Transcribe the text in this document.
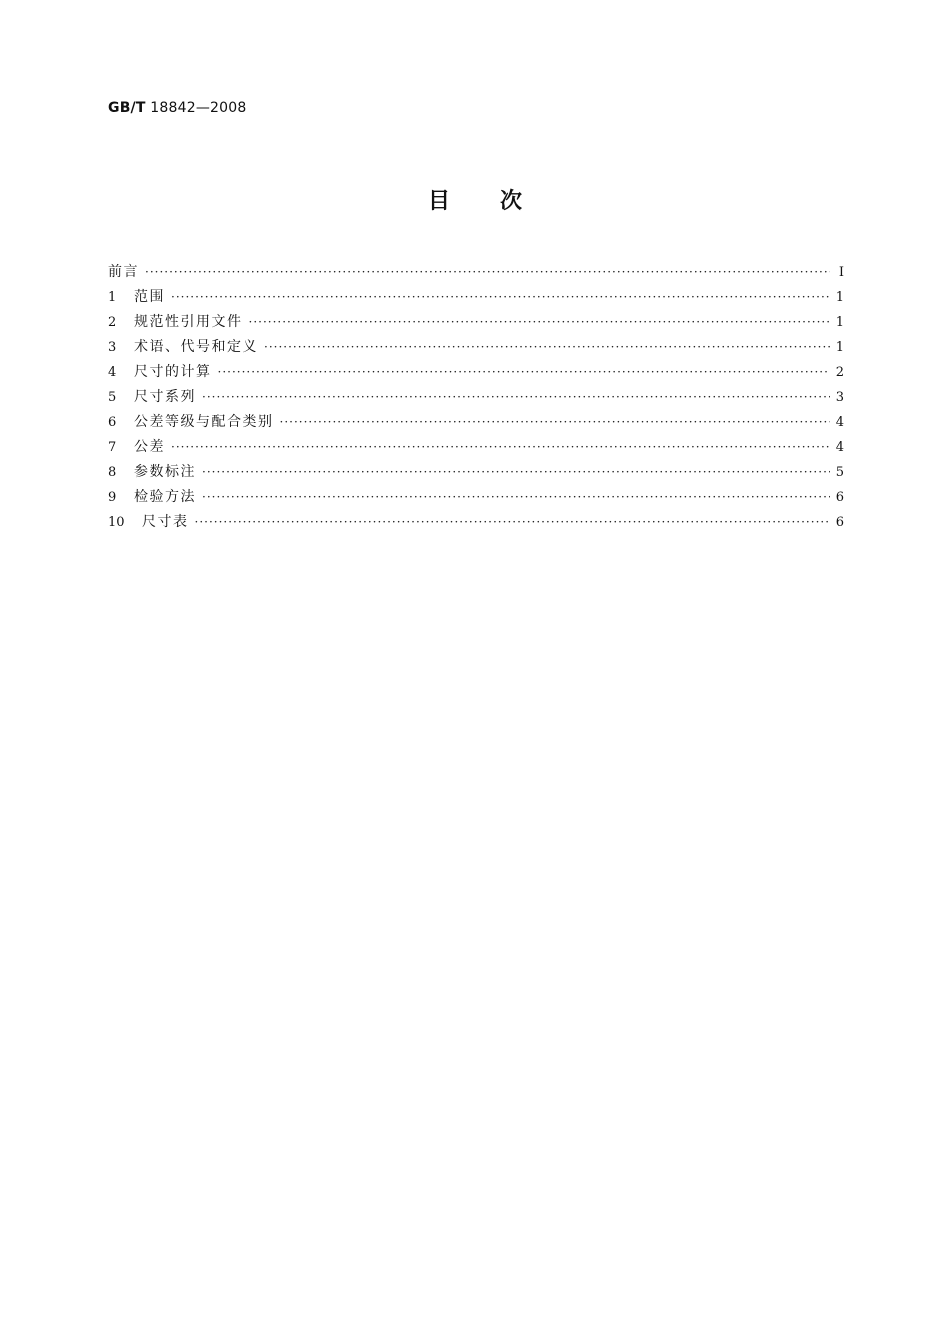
GB/T 18842—2008
目次
前言 ·····	I
1	范围 ·····	1
2	规范性引用文件 ·····	1
3	术语、代号和定义 ·····	1
4	尺寸的计算 ·····	2
5	尺寸系列 ·····	3
6	公差等级与配合类别 ·····	4
7	公差 ·····	4
8	参数标注 ·····	5
9	检验方法 ·····	6
10	尺寸表 ·····	6
